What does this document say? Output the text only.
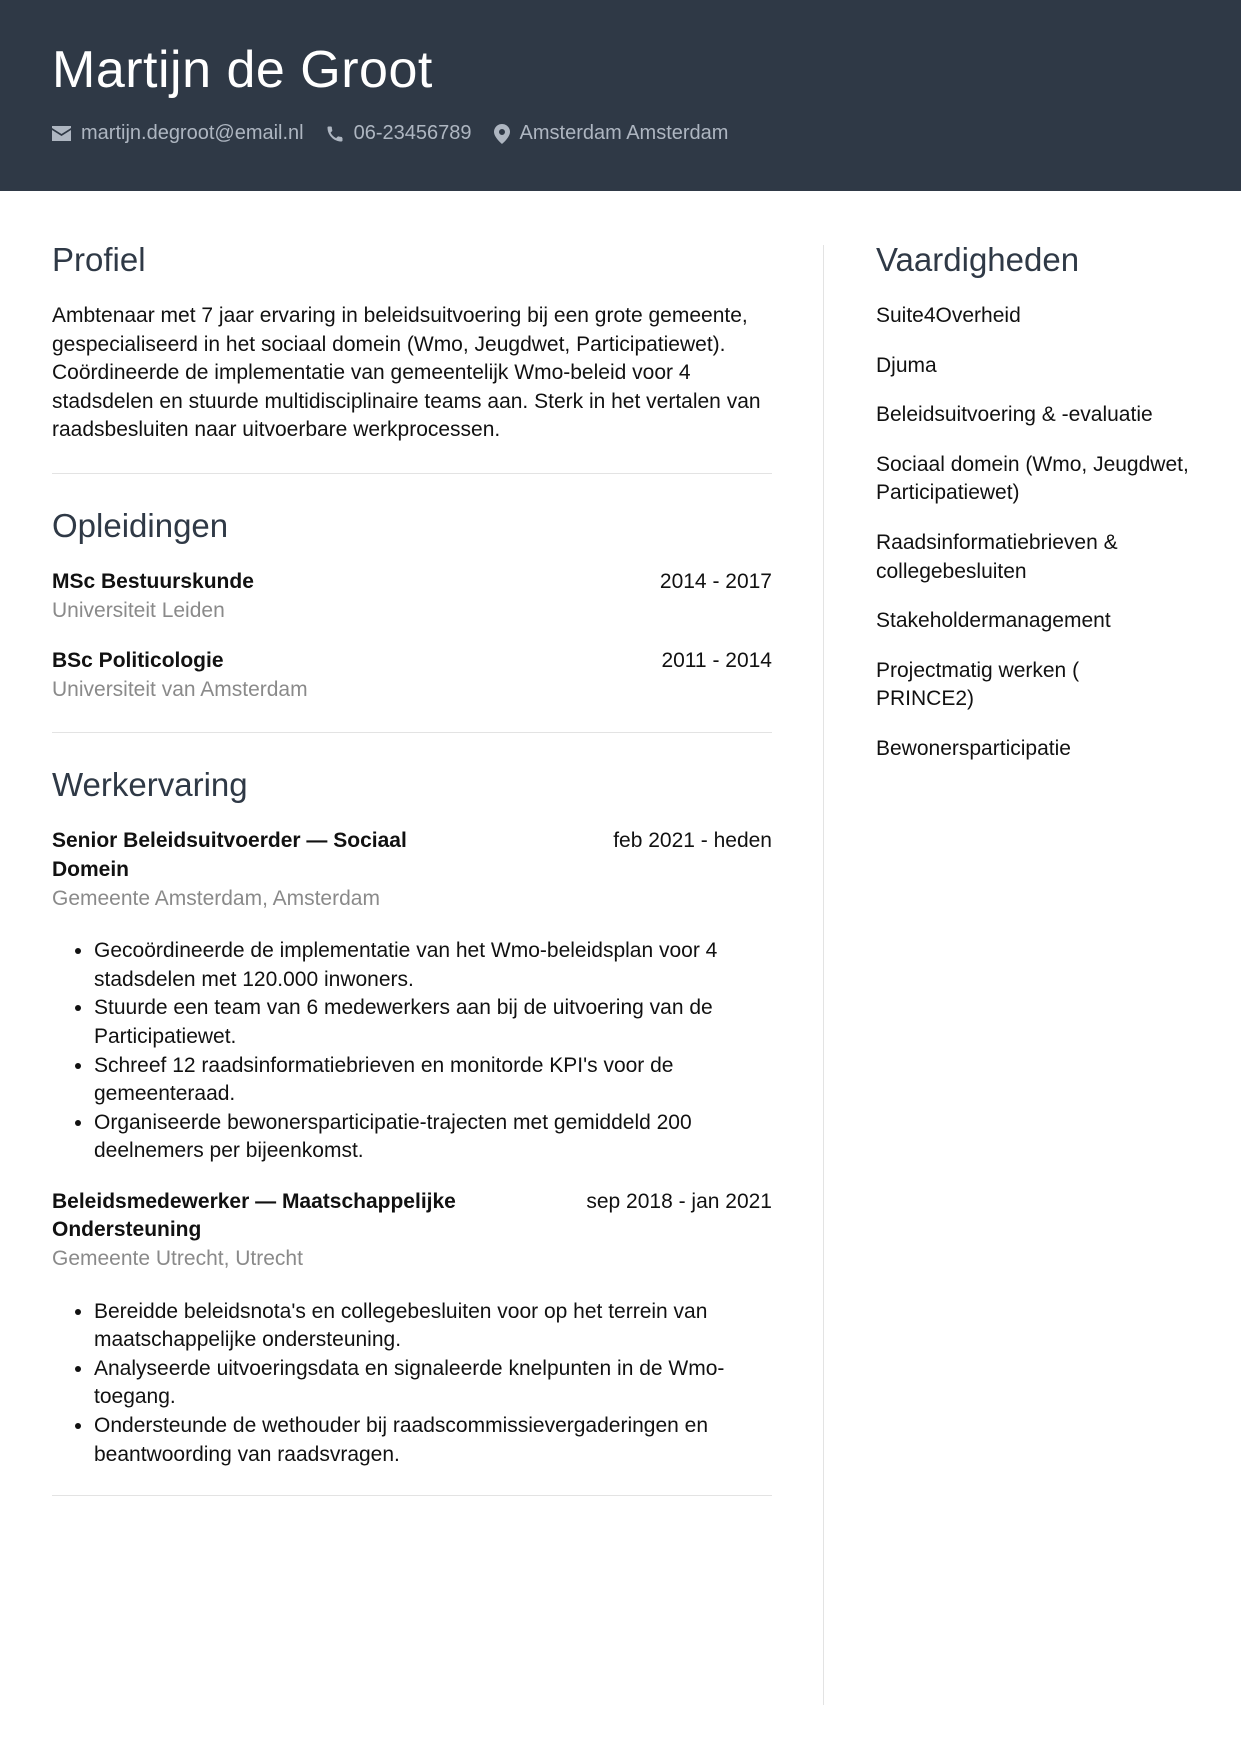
Martijn de Groot
martijn.degroot@email.nl	06-23456789 Amsterdam Amsterdam
Profiel

Ambtenaar met 7 jaar ervaring in beleidsuitvoering bij een grote gemeente, gespecialiseerd in het sociaal domein (Wmo, Jeugdwet, Participatiewet). Coördineerde de implementatie van gemeentelijk Wmo-beleid voor 4 stadsdelen en stuurde multidisciplinaire teams aan. Sterk in het vertalen van raadsbesluiten naar uitvoerbare werkprocessen.

Opleidingen
MSc Bestuurskunde	2014 - 2017
Universiteit Leiden
BSc Politicologie	2011 - 2014
Universiteit van Amsterdam
Werkervaring
Senior Beleidsuitvoerder — Sociaal Domein
feb 2021 - heden
Gemeente Amsterdam, Amsterdam
• Gecoördineerde de implementatie van het Wmo-beleidsplan voor 4 stadsdelen met 120.000 inwoners.
• Stuurde een team van 6 medewerkers aan bij de uitvoering van de Participatiewet.
• Schreef 12 raadsinformatiebrieven en monitorde KPI's voor de gemeenteraad.
• Organiseerde bewonersparticipatie-trajecten met gemiddeld 200 deelnemers per bijeenkomst.
Beleidsmedewerker — Maatschappelijke Ondersteuning
sep 2018 - jan 2021
Gemeente Utrecht, Utrecht
• Bereidde beleidsnota's en collegebesluiten voor op het terrein van maatschappelijke ondersteuning.
• Analyseerde uitvoeringsdata en signaleerde knelpunten in de Wmo-toegang.
• Ondersteunde de wethouder bij raadscommissievergaderingen en beantwoording van raadsvragen.
Vaardigheden
Suite4Overheid
Djuma
Beleidsuitvoering & -evaluatie
Sociaal domein (Wmo, Jeugdwet, Participatiewet)
Raadsinformatiebrieven & collegebesluiten
Stakeholdermanagement
Projectmatig werken ( PRINCE2)
Bewonersparticipatie
